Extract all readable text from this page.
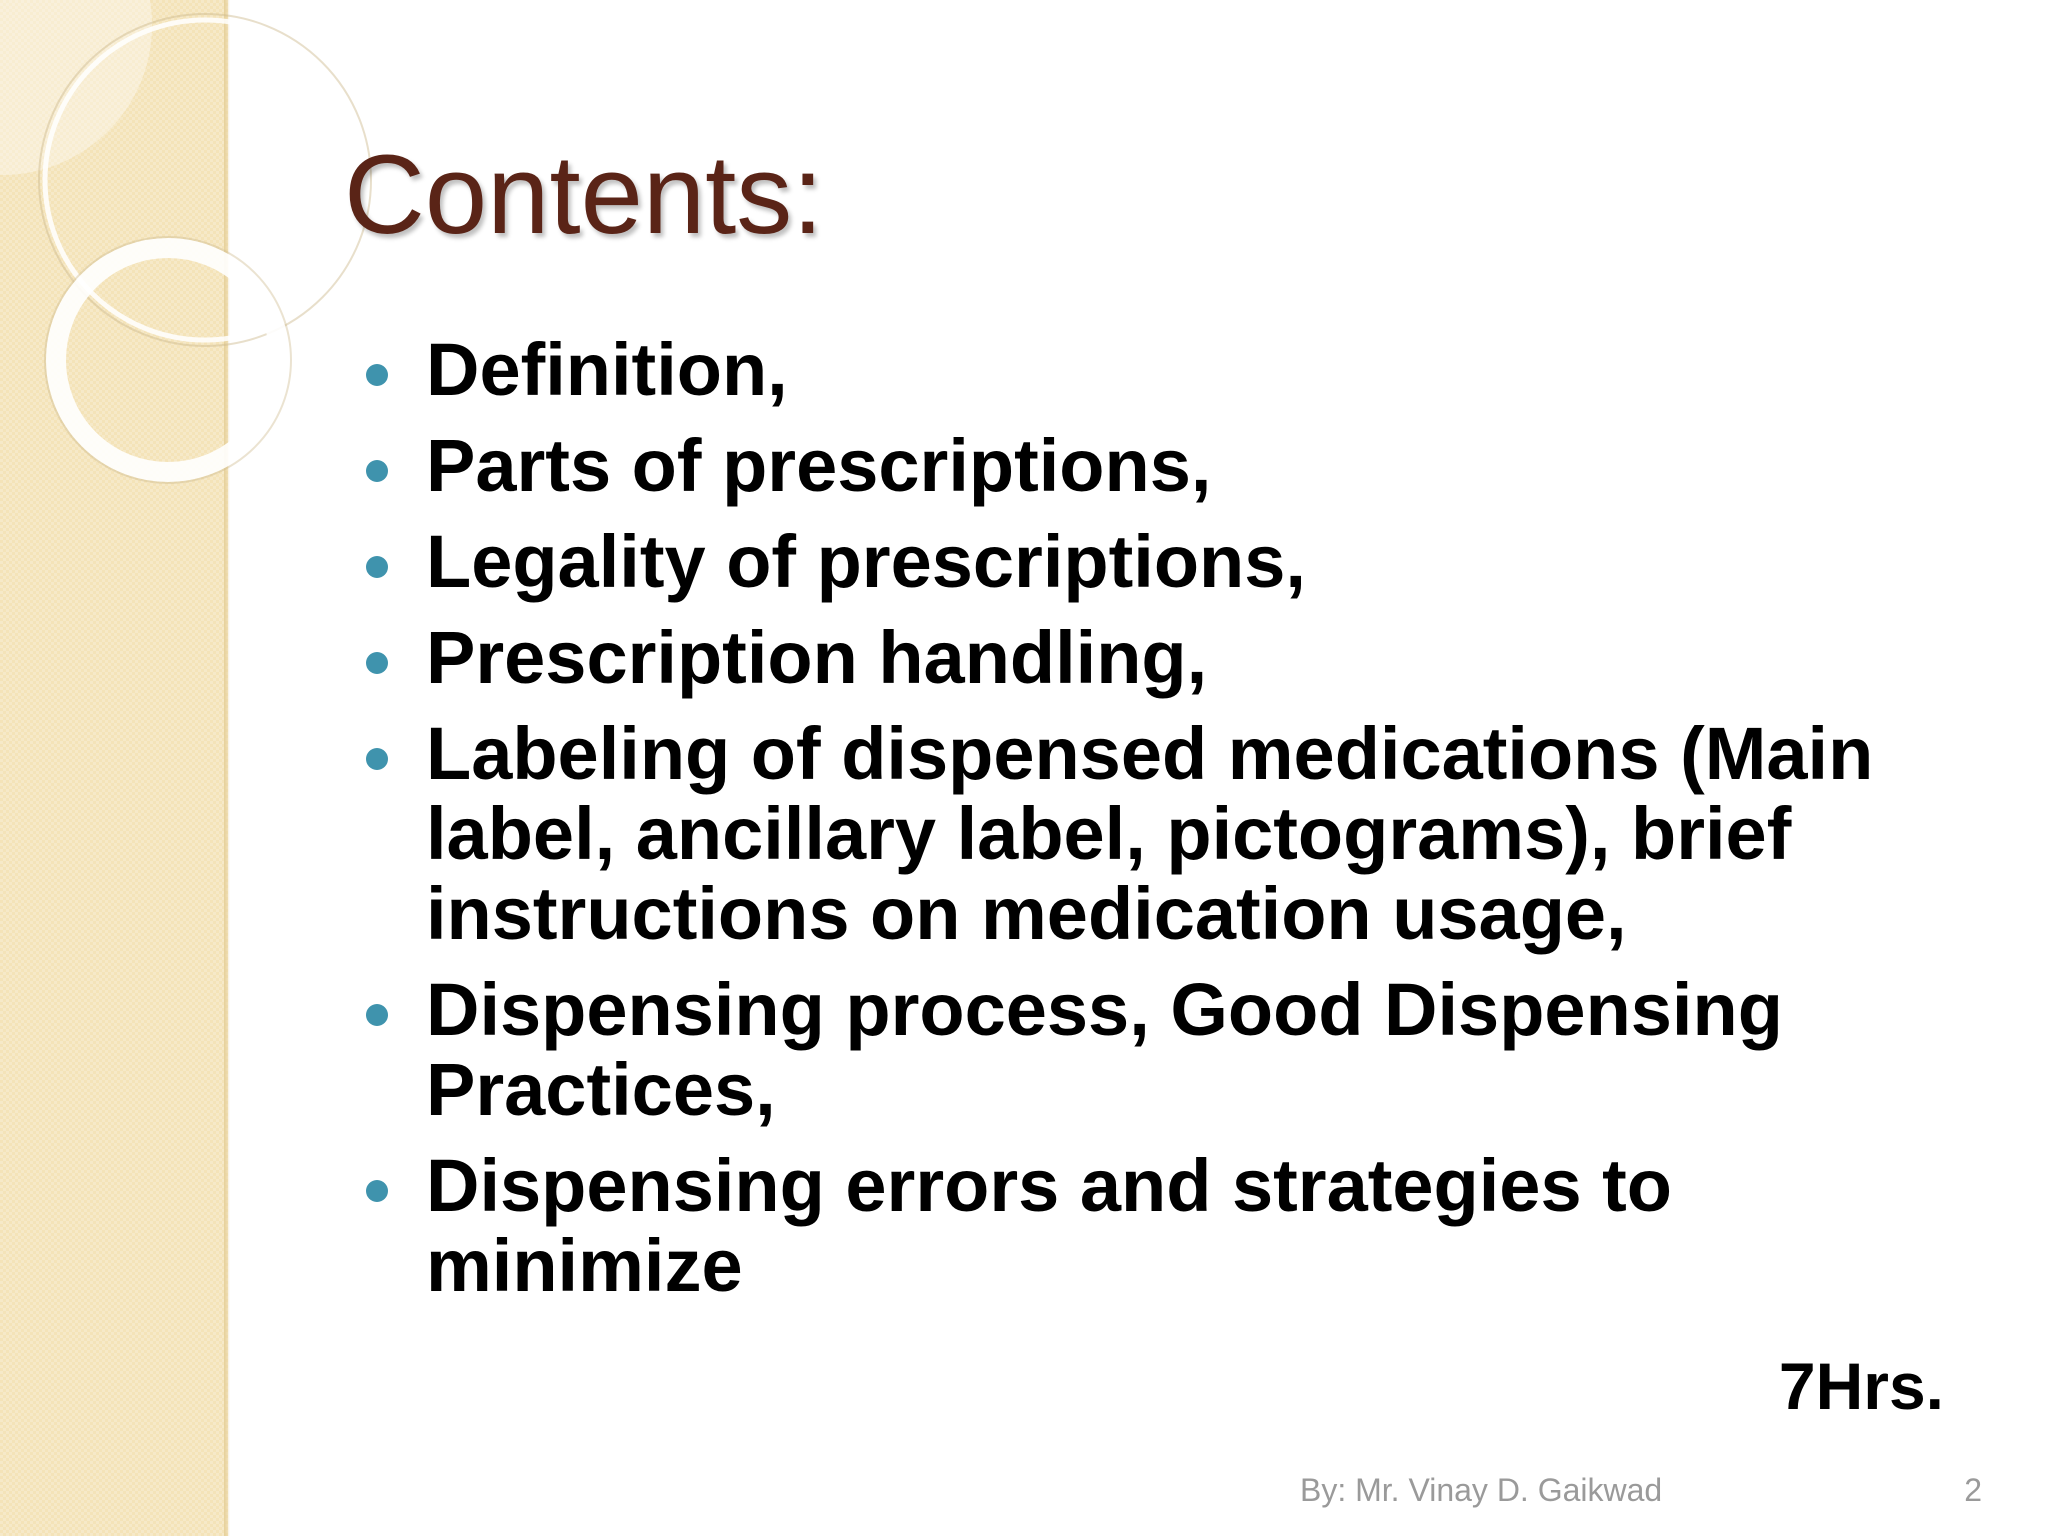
Contents:
Definition,
Parts of prescriptions,
Legality of prescriptions,
Prescription handling,
Labeling of dispensed medications (Main label, ancillary label, pictograms), brief instructions on medication usage,
Dispensing process, Good Dispensing Practices,
Dispensing errors and strategies to minimize
7Hrs.
By: Mr. Vinay D. Gaikwad	2
